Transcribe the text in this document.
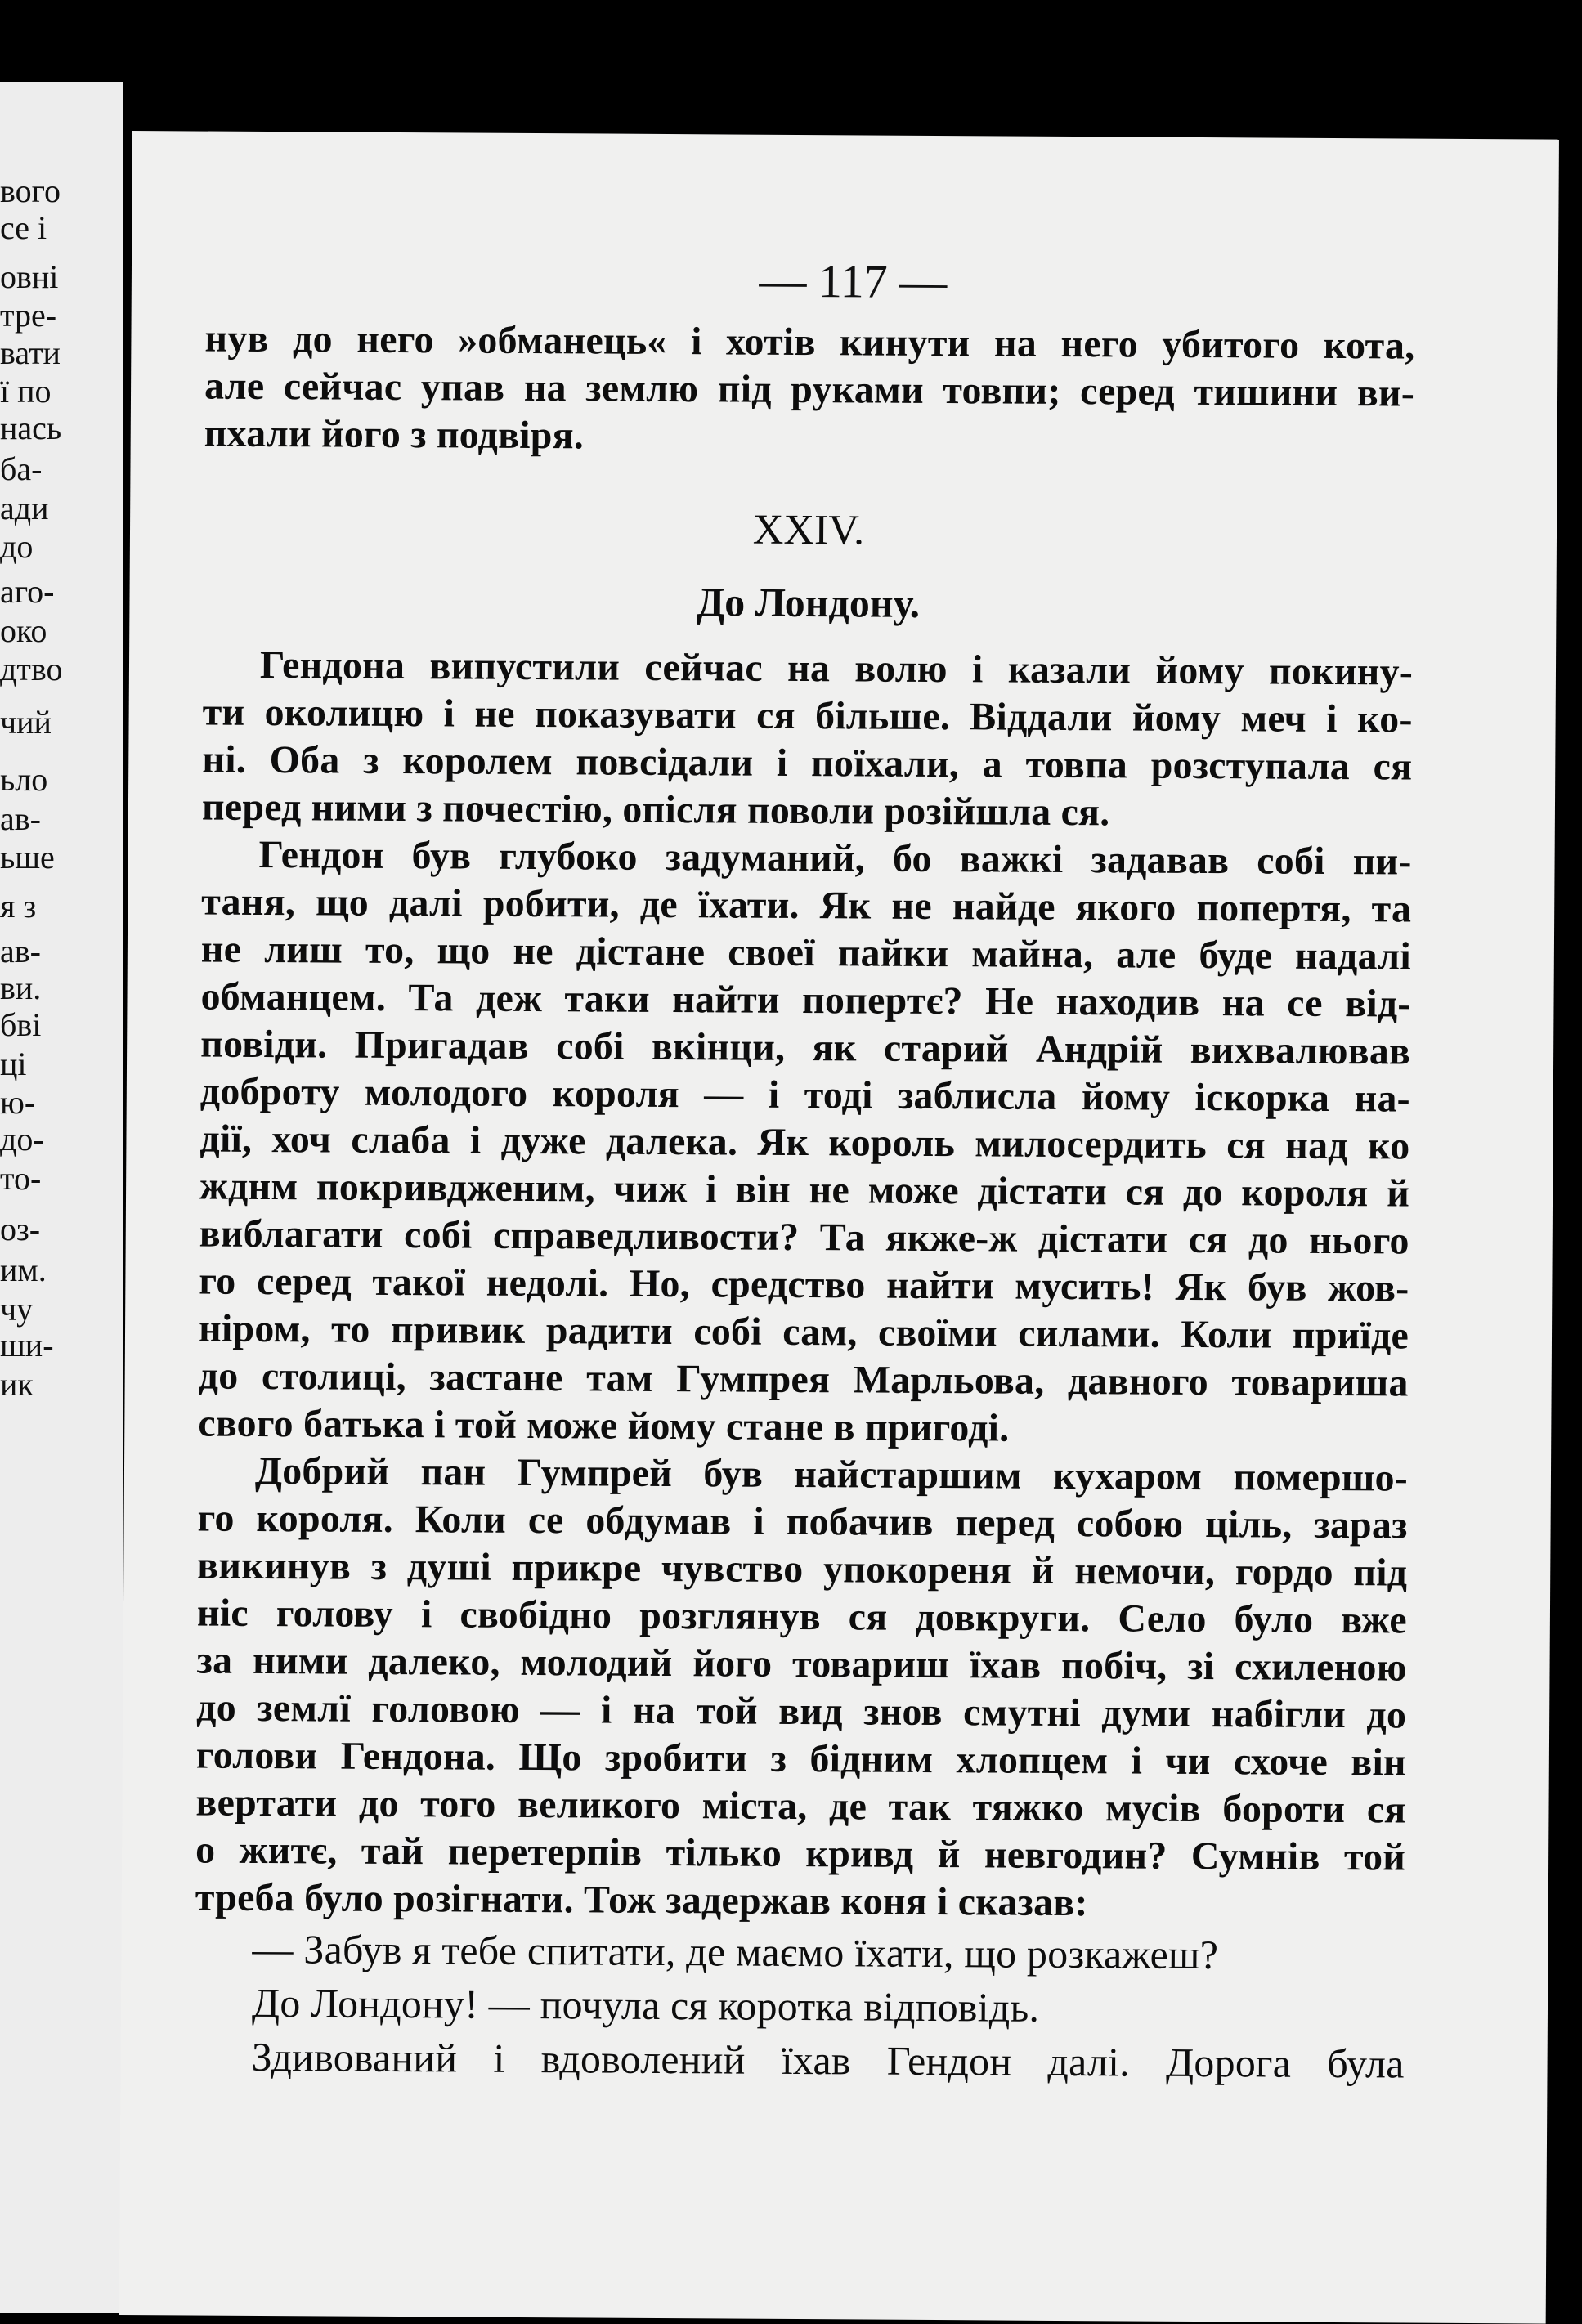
вого
се і
овні
тре-
вати
ї по
нась
ба-
ади
до
аго-
око
дтво
чий
ьло
ав-
ьше
я з
ав-
ви.
бві
ці
ю-
до-
то-
оз-
им.
чу
ши-
ик
— 117 —
нув до него »обманець« і хотів кинути на него убитого кота,
але сейчас упав на землю під руками товпи; серед тишини ви-
пхали його з подвіря.
XXIV.
До Лондону.
Гендона випустили сейчас на волю і казали йому покину-
ти околицю і не показувати ся більше. Віддали йому меч і ко-
ні. Оба з королем повсідали і поїхали, а товпа розступала ся
перед ними з почестію, опісля поволи розійшла ся.
Гендон був глубоко задуманий, бо важкі задавав собі пи-
таня, що далі робити, де їхати. Як не найде якого попертя, та
не лиш то, що не дістане своеї пайки майна, але буде надалі
обманцем. Та деж таки найти попертє? Не находив на се від-
повіди. Пригадав собі вкінци, як старий Андрій вихвалював
доброту молодого короля — і тоді заблисла йому іскорка на-
дії, хоч слаба і дуже далека. Як король милосердить ся над ко
жднм покривдженим, чиж і він не може дістати ся до короля й
виблагати собі справедливости? Та якже-ж дістати ся до нього
го серед такої недолі. Но, средство найти мусить! Як був жов-
ніром, то привик радити собі сам, своїми силами. Коли приїде
до столиці, застане там Гумпрея Марльова, давного товариша
свого батька і той може йому стане в пригоді.
Добрий пан Гумпрей був найстаршим кухаром помершо-
го короля. Коли се обдумав і побачив перед собою ціль, зараз
викинув з душі прикре чувство упокореня й немочи, гордо під
ніс голову і свобідно розглянув ся довкруги. Село було вже
за ними далеко, молодий його товариш їхав побіч, зі схиленою
до землї головою — і на той вид знов смутні думи набігли до
голови Гендона. Що зробити з бідним хлопцем і чи схоче він
вертати до того великого міста, де так тяжко мусів бороти ся
о житє, тай перетерпів тілько кривд й невгодин? Сумнів той
треба було розігнати. Тож задержав коня і сказав:
— Забув я тебе спитати, де маємо їхати, що розкажеш?
До Лондону! — почула ся коротка відповідь.
Здивований і вдоволений їхав Гендон далі. Дорога була
